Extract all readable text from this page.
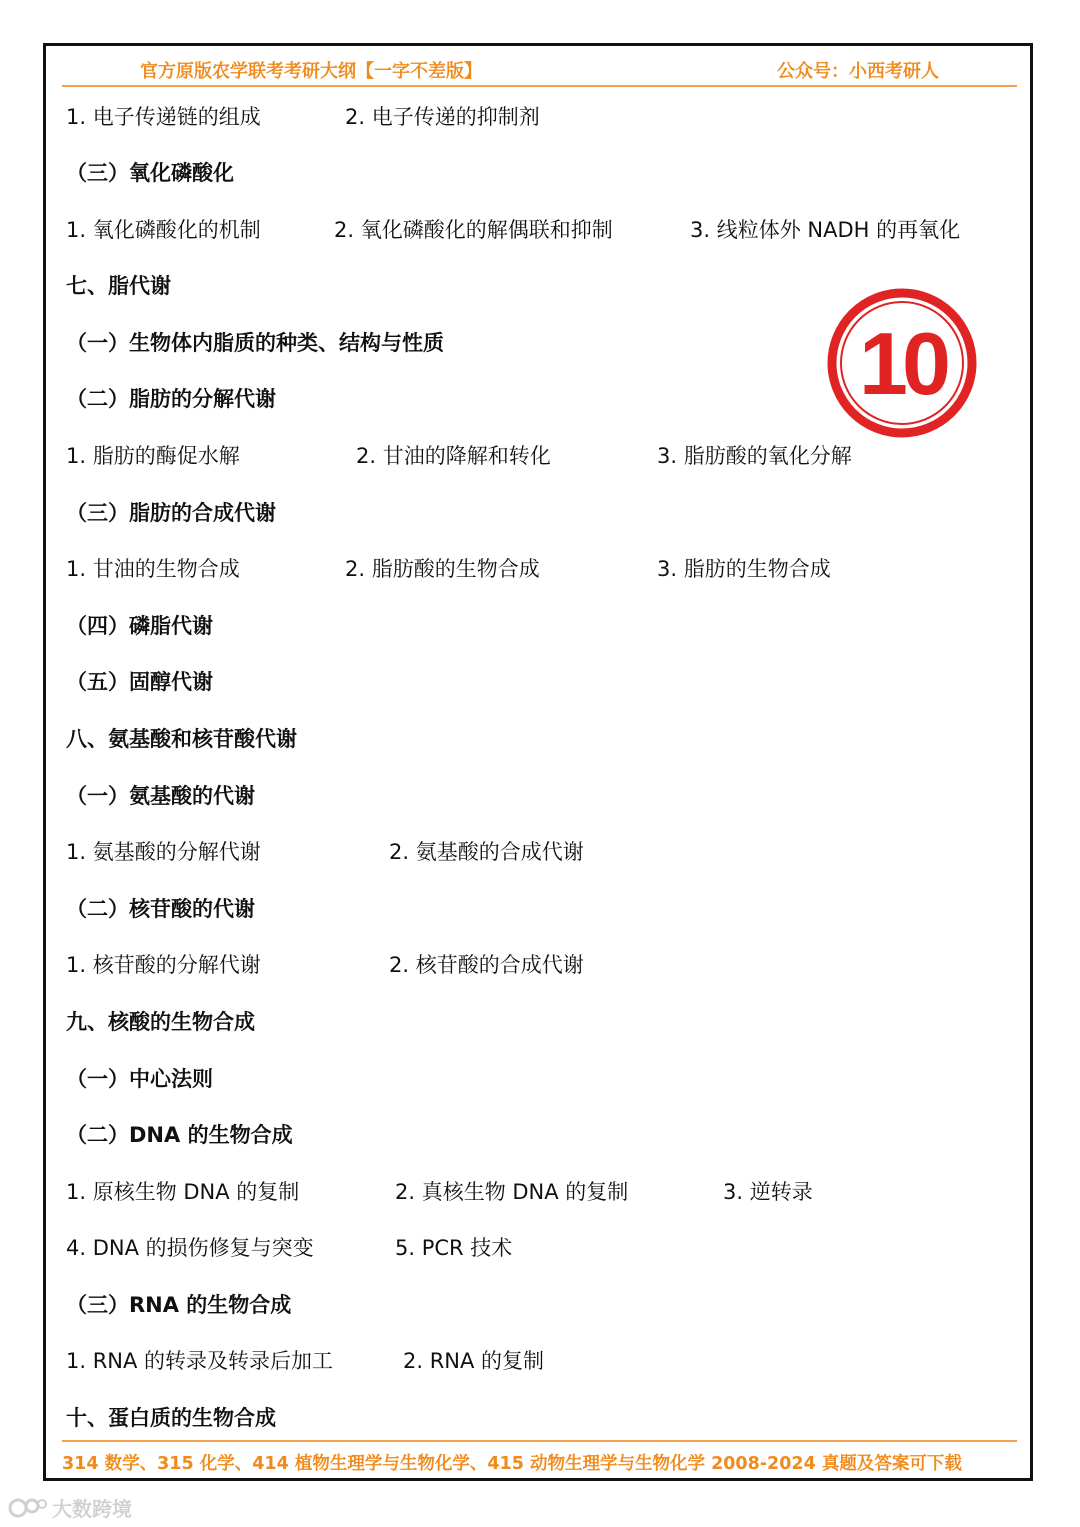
官方原版农学联考考研大纲【一字不差版】	公众号：小西考研人
1. 电子传递链的组成	2. 电子传递的抑制剂
（三）氧化磷酸化
1. 氧化磷酸化的机制	2. 氧化磷酸化的解偶联和抑制	3. 线粒体外 NADH 的再氧化
七、脂代谢
（一）生物体内脂质的种类、结构与性质
（二）脂肪的分解代谢
1. 脂肪的酶促水解	2. 甘油的降解和转化	3. 脂肪酸的氧化分解
（三）脂肪的合成代谢
1. 甘油的生物合成	2. 脂肪酸的生物合成	3. 脂肪的生物合成
（四）磷脂代谢
（五）固醇代谢
八、氨基酸和核苷酸代谢
（一）氨基酸的代谢
1. 氨基酸的分解代谢	2. 氨基酸的合成代谢
（二）核苷酸的代谢
1. 核苷酸的分解代谢	2. 核苷酸的合成代谢
九、核酸的生物合成
（一）中心法则
（二）DNA 的生物合成
1. 原核生物 DNA 的复制	2. 真核生物 DNA 的复制	3. 逆转录
4. DNA 的损伤修复与突变	5. PCR 技术
（三）RNA 的生物合成
1. RNA 的转录及转录后加工	2. RNA 的复制
十、蛋白质的生物合成
10
314 数学、315 化学、414 植物生理学与生物化学、415 动物生理学与生物化学 2008-2024 真题及答案可下载
大数跨境
